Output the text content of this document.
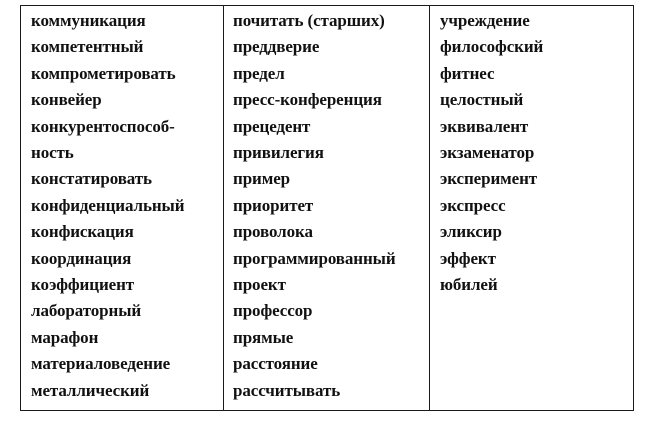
коммуникация
компетентный
компрометировать
конвейер
конкурентоспособ-
ность
констатировать
конфиденциальный
конфискация
координация
коэффициент
лабораторный
марафон
материаловедение
металлический
почитать (старших)
преддверие
предел
пресс-конференция
прецедент
привилегия
пример
приоритет
проволока
программированный
проект
профессор
прямые
расстояние
рассчитывать
учреждение
философский
фитнес
целостный
эквивалент
экзаменатор
эксперимент
экспресс
эликсир
эффект
юбилей
